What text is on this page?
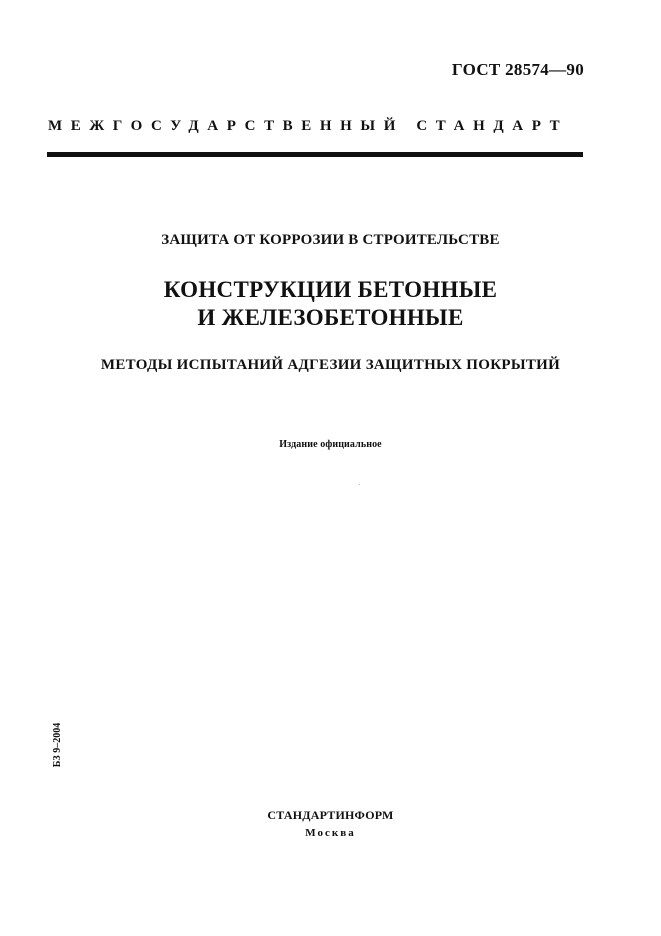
ГОСТ 28574—90
МЕЖГОСУДАРСТВЕННЫЙ СТАНДАРТ
ЗАЩИТА ОТ КОРРОЗИИ В СТРОИТЕЛЬСТВЕ
КОНСТРУКЦИИ БЕТОННЫЕ
И ЖЕЛЕЗОБЕТОННЫЕ
МЕТОДЫ ИСПЫТАНИЙ АДГЕЗИИ ЗАЩИТНЫХ ПОКРЫТИЙ
Издание официальное
БЗ 9–2004
СТАНДАРТИНФОРМ
Москва
